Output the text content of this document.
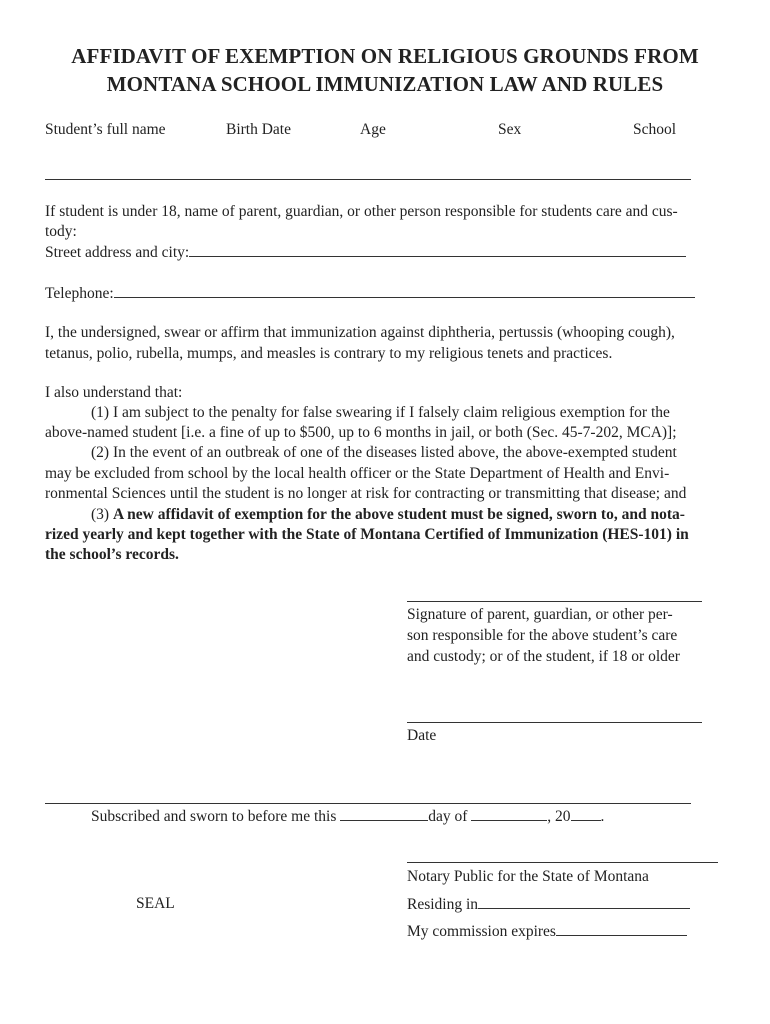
AFFIDAVIT OF EXEMPTION ON RELIGIOUS GROUNDS FROM
MONTANA SCHOOL IMMUNIZATION LAW AND RULES
Student’s full name	Birth Date	Age	Sex	School
If student is under 18, name of parent, guardian, or other person responsible for students care and cus-
tody:
Street address and city:
Telephone:
I, the undersigned, swear or affirm that immunization against diphtheria, pertussis (whooping cough),
tetanus, polio, rubella, mumps, and measles is contrary to my religious tenets and practices.
I also understand that:
(1) I am subject to the penalty for false swearing if I falsely claim religious exemption for the
above-named student [i.e. a fine of up to $500, up to 6 months in jail, or both (Sec. 45-7-202, MCA)];
(2) In the event of an outbreak of one of the diseases listed above, the above-exempted student
may be excluded from school by the local health officer or the State Department of Health and Envi-
ronmental Sciences until the student is no longer at risk for contracting or transmitting that disease; and
(3) A new affidavit of exemption for the above student must be signed, sworn to, and nota-
rized yearly and kept together with the State of Montana Certified of Immunization (HES-101) in
the school’s records.
Signature of parent, guardian, or other per-
son responsible for the above student’s care
and custody; or of the student, if 18 or older
Date
Subscribed and sworn to before me this	day of	, 20 .
Notary Public for the State of Montana
SEAL	Residing in
My commission expires
